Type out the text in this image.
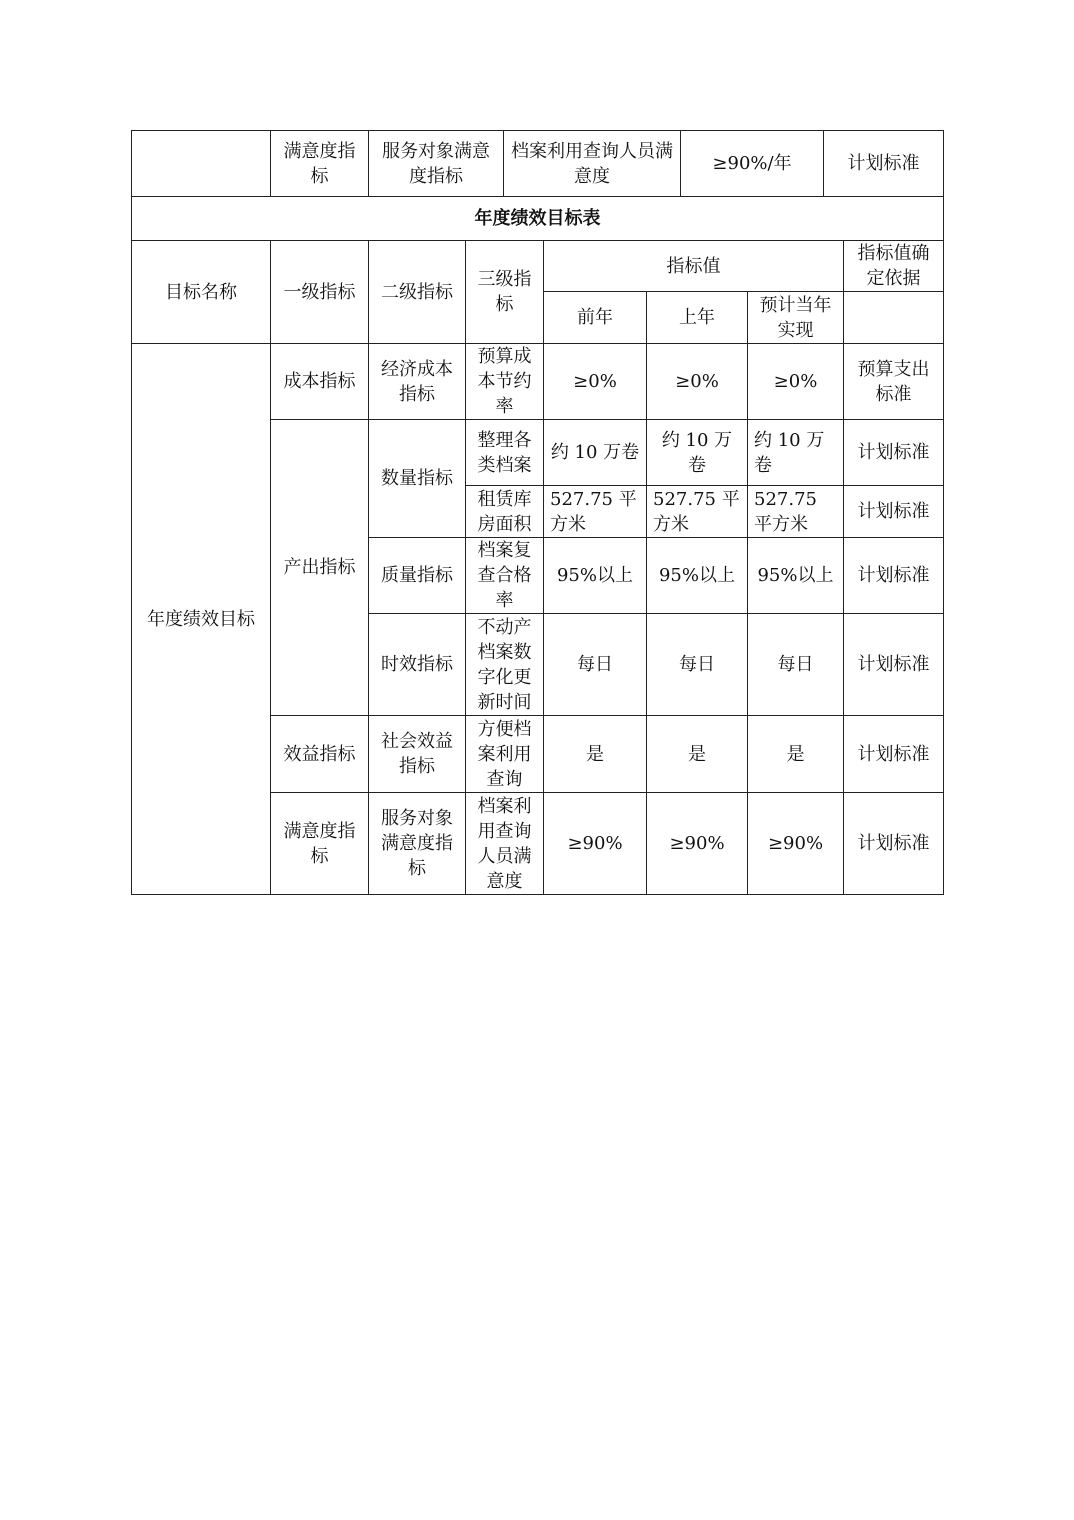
	满意度指标	服务对象满意度指标	档案利用查询人员满意度	≥90%/年	计划标准
年度绩效目标表							
目标名称	一级指标	二级指标	三级指标	指标值			指标值确定依据
				前年	上年	预计当年实现	
年度绩效目标	成本指标	经济成本指标	预算成本节约率	≥0%	≥0%	≥0%	预算支出标准
	产出指标	数量指标	整理各类档案	约 10 万卷	约 10 万卷	约 10 万卷	计划标准
			租赁库房面积	527.75 平方米	527.75 平方米	527.75 平方米	计划标准
		质量指标	档案复查合格率	95%以上	95%以上	95%以上	计划标准
		时效指标	不动产档案数字化更新时间	每日	每日	每日	计划标准
	效益指标	社会效益指标	方便档案利用查询	是	是	是	计划标准
	满意度指标	服务对象满意度指标	档案利用查询人员满意度	≥90%	≥90%	≥90%	计划标准
